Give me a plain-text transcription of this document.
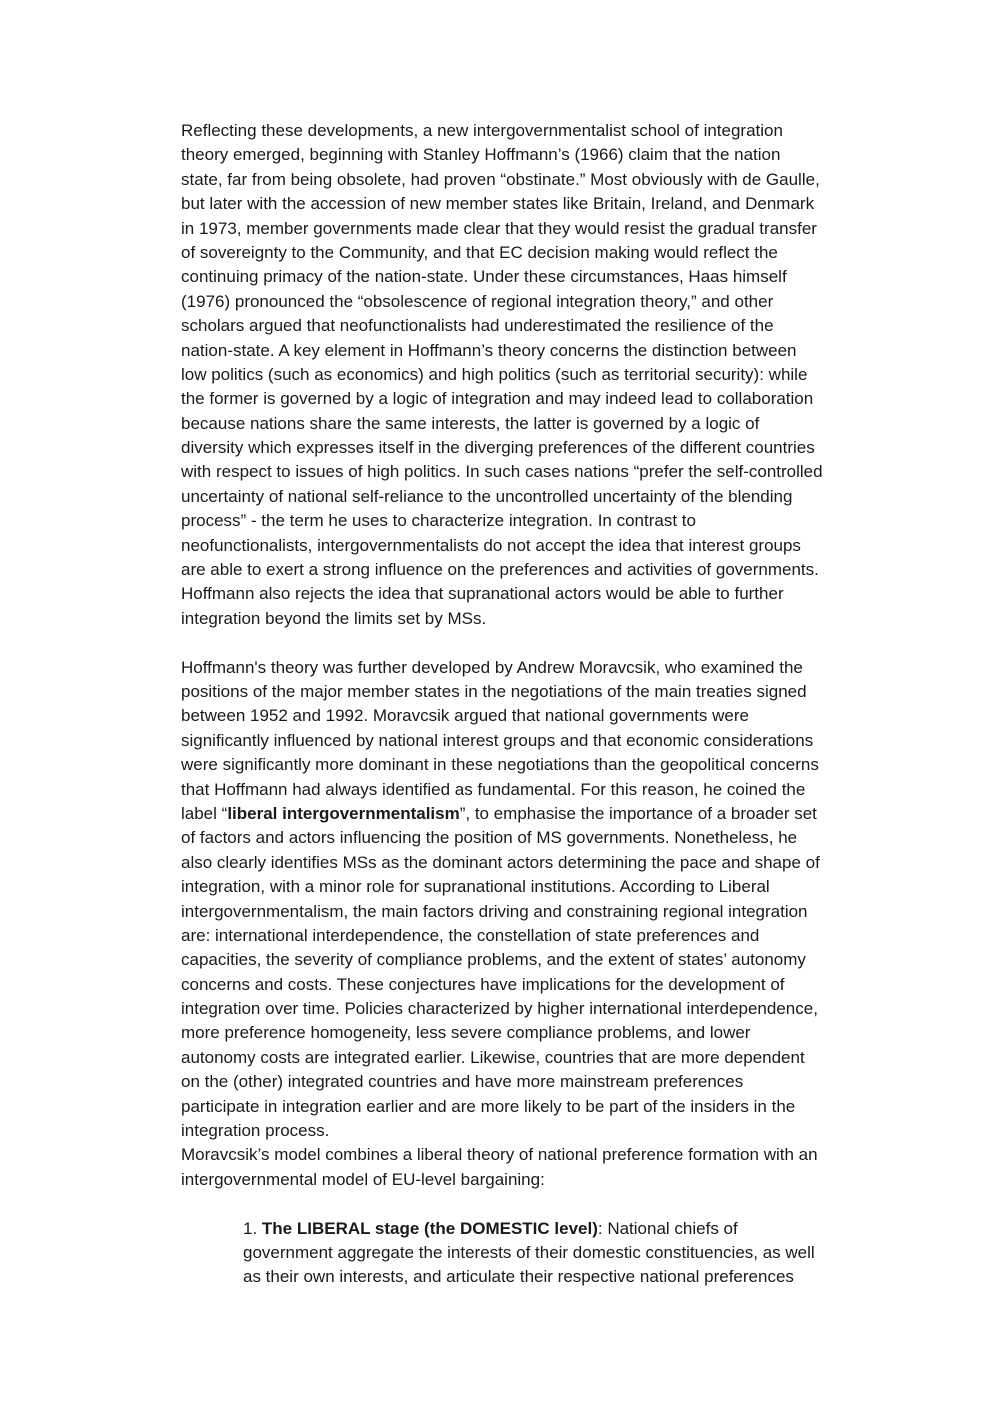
Reflecting these developments, a new intergovernmentalist school of integration
theory emerged, beginning with Stanley Hoffmann’s (1966) claim that the nation
state, far from being obsolete, had proven “obstinate.” Most obviously with de Gaulle,
but later with the accession of new member states like Britain, Ireland, and Denmark
in 1973, member governments made clear that they would resist the gradual transfer
of sovereignty to the Community, and that EC decision making would reflect the
continuing primacy of the nation-state. Under these circumstances, Haas himself
(1976) pronounced the “obsolescence of regional integration theory,” and other
scholars argued that neofunctionalists had underestimated the resilience of the
nation-state. A key element in Hoffmann’s theory concerns the distinction between
low politics (such as economics) and high politics (such as territorial security): while
the former is governed by a logic of integration and may indeed lead to collaboration
because nations share the same interests, the latter is governed by a logic of
diversity which expresses itself in the diverging preferences of the different countries
with respect to issues of high politics. In such cases nations “prefer the self-controlled
uncertainty of national self-reliance to the uncontrolled uncertainty of the blending
process” - the term he uses to characterize integration. In contrast to
neofunctionalists, intergovernmentalists do not accept the idea that interest groups
are able to exert a strong influence on the preferences and activities of governments.
Hoffmann also rejects the idea that supranational actors would be able to further
integration beyond the limits set by MSs.
Hoffmann's theory was further developed by Andrew Moravcsik, who examined the
positions of the major member states in the negotiations of the main treaties signed
between 1952 and 1992. Moravcsik argued that national governments were
significantly influenced by national interest groups and that economic considerations
were significantly more dominant in these negotiations than the geopolitical concerns
that Hoffmann had always identified as fundamental. For this reason, he coined the
label “liberal intergovernmentalism”, to emphasise the importance of a broader set
of factors and actors influencing the position of MS governments. Nonetheless, he
also clearly identifies MSs as the dominant actors determining the pace and shape of
integration, with a minor role for supranational institutions. According to Liberal
intergovernmentalism, the main factors driving and constraining regional integration
are: international interdependence, the constellation of state preferences and
capacities, the severity of compliance problems, and the extent of states’ autonomy
concerns and costs. These conjectures have implications for the development of
integration over time. Policies characterized by higher international interdependence,
more preference homogeneity, less severe compliance problems, and lower
autonomy costs are integrated earlier. Likewise, countries that are more dependent
on the (other) integrated countries and have more mainstream preferences
participate in integration earlier and are more likely to be part of the insiders in the
integration process.
Moravcsik’s model combines a liberal theory of national preference formation with an
intergovernmental model of EU-level bargaining:
1. The LIBERAL stage (the DOMESTIC level): National chiefs of
government aggregate the interests of their domestic constituencies, as well
as their own interests, and articulate their respective national preferences
